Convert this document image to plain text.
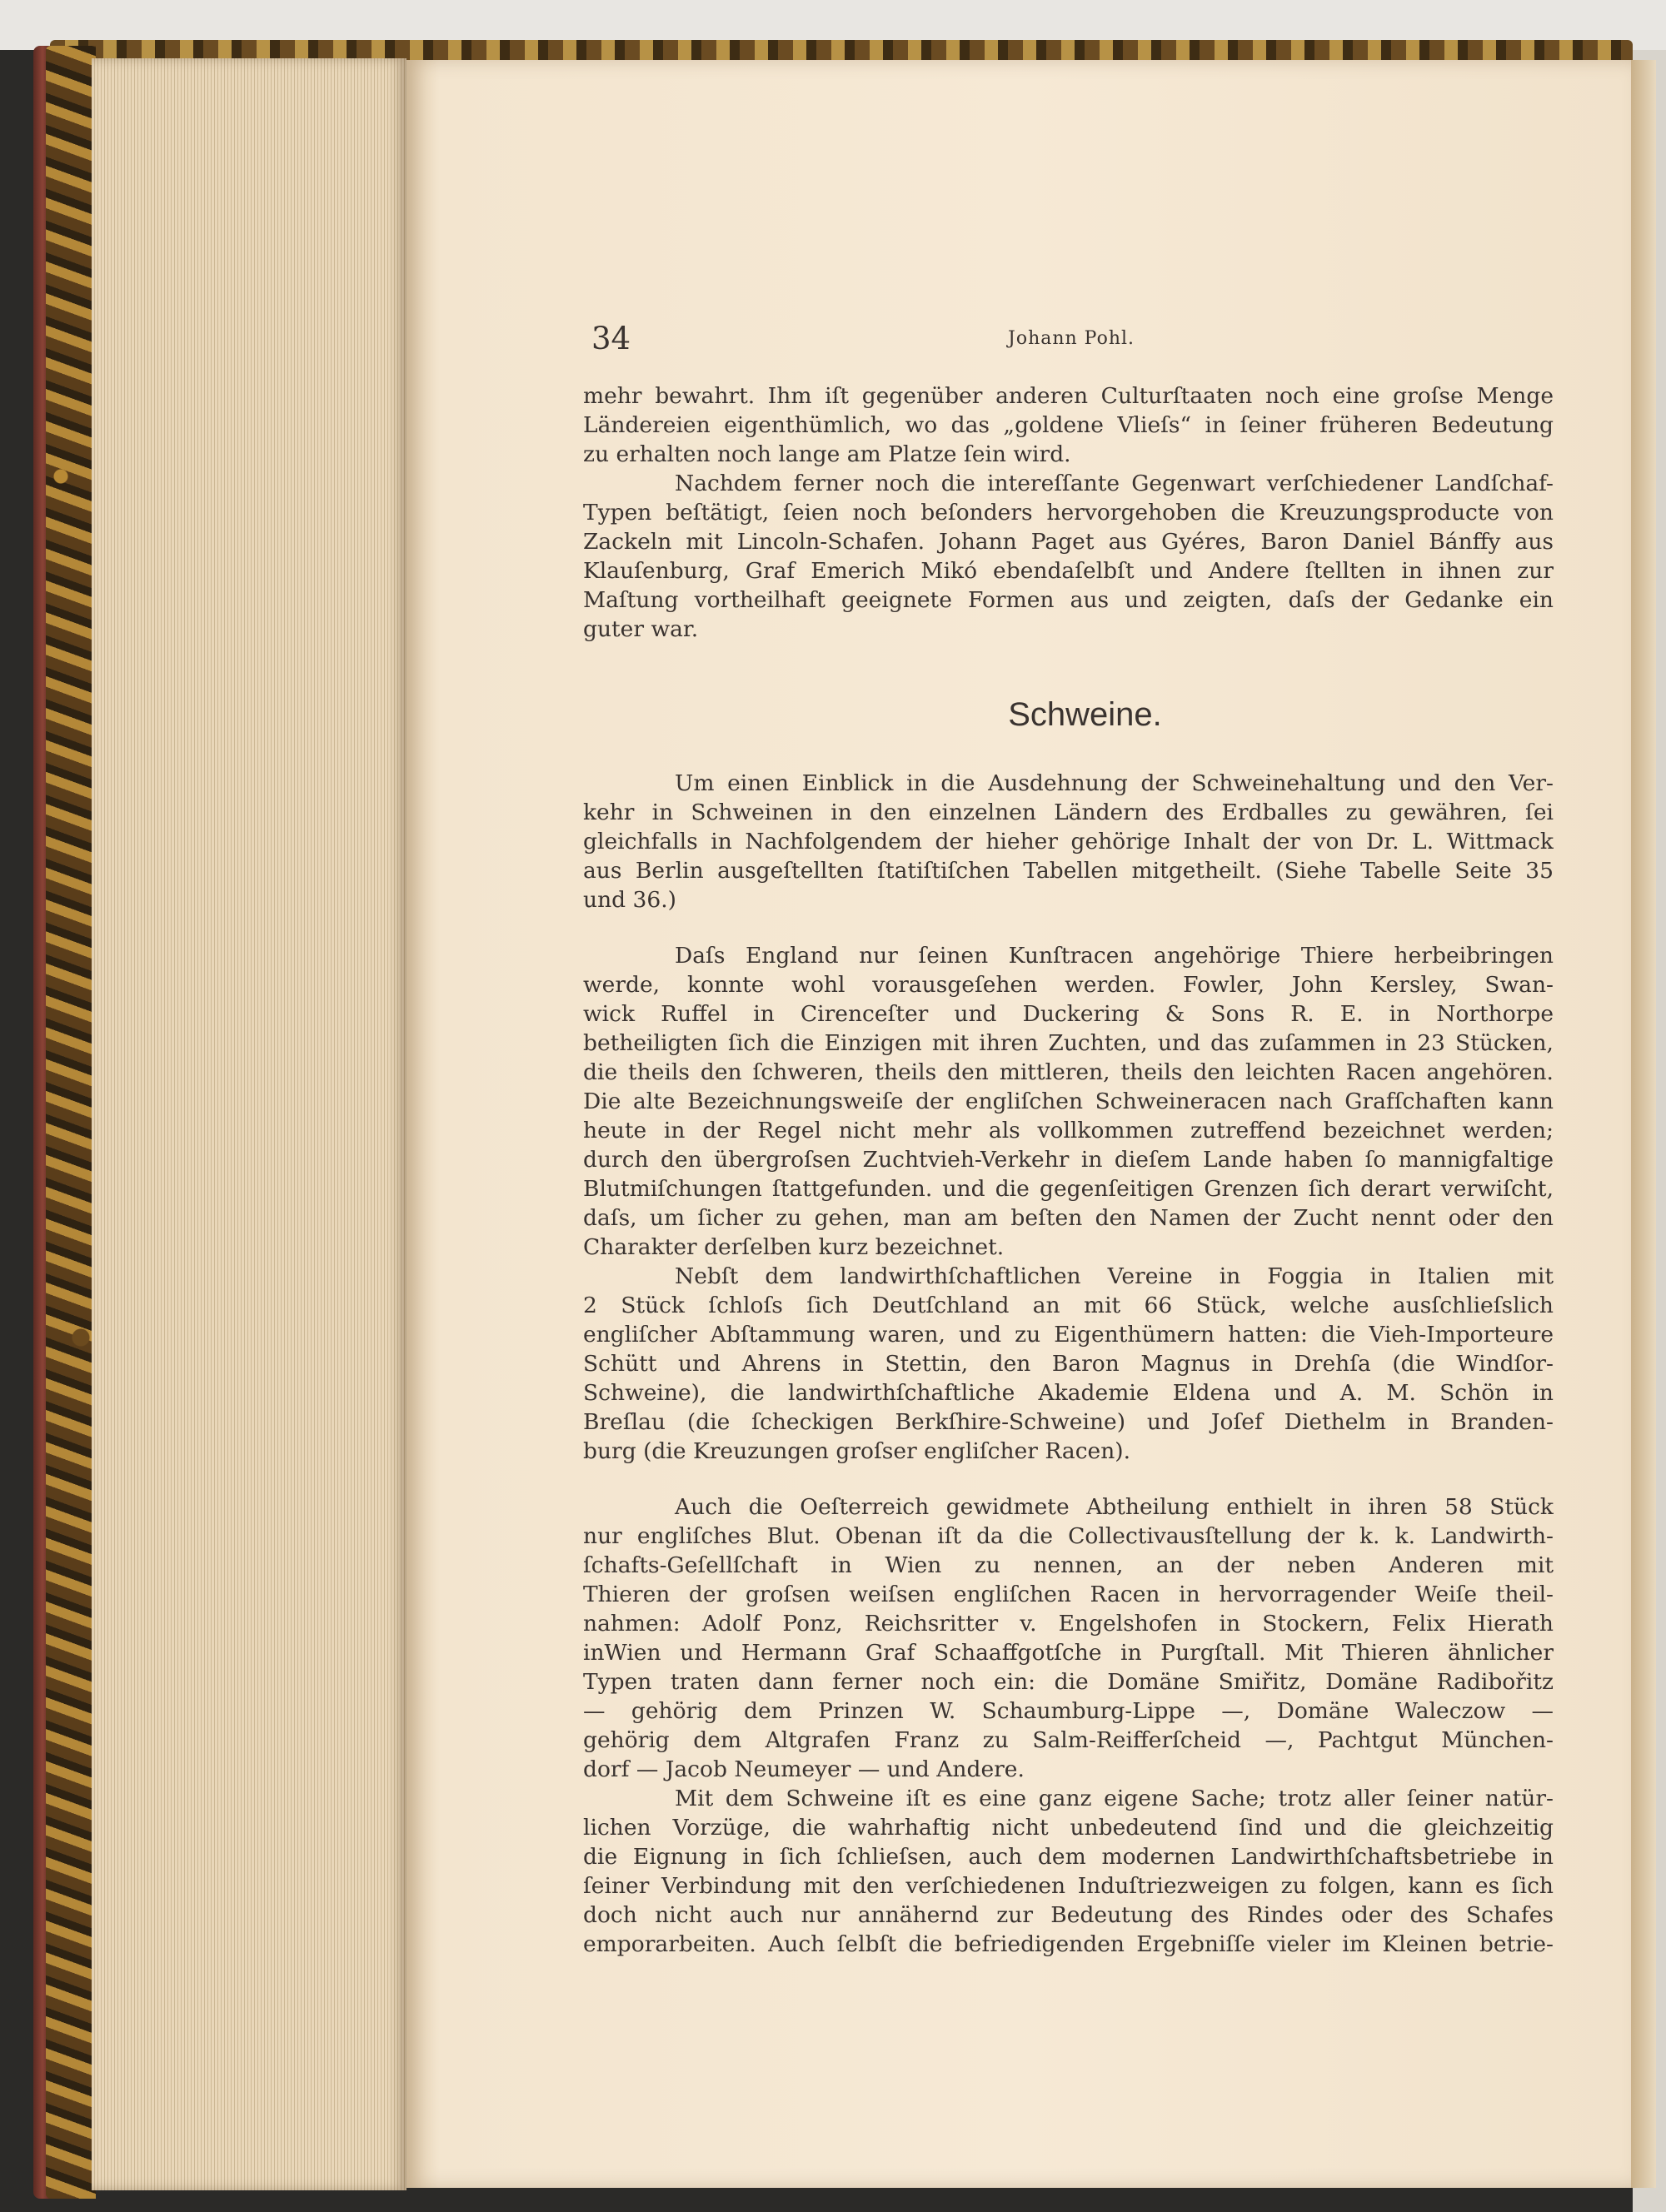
34	Johann Pohl.
mehr bewahrt. Ihm iſt gegenüber anderen Culturſtaaten noch eine groſse Menge
Ländereien eigenthümlich, wo das „goldene Vlieſs“ in ſeiner früheren Bedeutung
zu erhalten noch lange am Platze ſein wird.
Nachdem ferner noch die intereſſante Gegenwart verſchiedener Landſchaf-
Typen beſtätigt, ſeien noch beſonders hervorgehoben die Kreuzungsproducte von
Zackeln mit Lincoln-Schafen. Johann Paget aus Gyéres, Baron Daniel Bánffy aus
Klauſenburg, Graf Emerich Mikó ebendaſelbſt und Andere ſtellten in ihnen zur
Maſtung vortheilhaft geeignete Formen aus und zeigten, daſs der Gedanke ein
guter war.
Schweine.
Um einen Einblick in die Ausdehnung der Schweinehaltung und den Ver-
kehr in Schweinen in den einzelnen Ländern des Erdballes zu gewähren, ſei
gleichfalls in Nachfolgendem der hieher gehörige Inhalt der von Dr. L. Wittmack
aus Berlin ausgeſtellten ſtatiſtiſchen Tabellen mitgetheilt. (Siehe Tabelle Seite 35
und 36.)
Daſs England nur ſeinen Kunſtracen angehörige Thiere herbeibringen
werde, konnte wohl vorausgeſehen werden. Fowler, John Kersley, Swan-
wick Ruffel in Cirenceſter und Duckering & Sons R. E. in Northorpe
betheiligten ſich die Einzigen mit ihren Zuchten, und das zuſammen in 23 Stücken,
die theils den ſchweren, theils den mittleren, theils den leichten Racen angehören.
Die alte Bezeichnungsweiſe der engliſchen Schweineracen nach Grafſchaften kann
heute in der Regel nicht mehr als vollkommen zutreffend bezeichnet werden;
durch den übergroſsen Zuchtvieh-Verkehr in dieſem Lande haben ſo mannigfaltige
Blutmiſchungen ſtattgefunden. und die gegenſeitigen Grenzen ſich derart verwiſcht,
daſs, um ſicher zu gehen, man am beſten den Namen der Zucht nennt oder den
Charakter derſelben kurz bezeichnet.
Nebſt dem landwirthſchaftlichen Vereine in Foggia in Italien mit
2 Stück ſchloſs ſich Deutſchland an mit 66 Stück, welche ausſchlieſslich
engliſcher Abſtammung waren, und zu Eigenthümern hatten: die Vieh-Importeure
Schütt und Ahrens in Stettin, den Baron Magnus in Drehſa (die Windſor-
Schweine), die landwirthſchaftliche Akademie Eldena und A. M. Schön in
Breſlau (die ſcheckigen Berkſhire-Schweine) und Joſef Diethelm in Branden-
burg (die Kreuzungen groſser engliſcher Racen).
Auch die Oeſterreich gewidmete Abtheilung enthielt in ihren 58 Stück
nur engliſches Blut. Obenan iſt da die Collectivausſtellung der k. k. Landwirth-
ſchafts-Geſellſchaft in Wien zu nennen, an der neben Anderen mit
Thieren der groſsen weiſsen engliſchen Racen in hervorragender Weiſe theil-
nahmen: Adolf Ponz, Reichsritter v. Engelshofen in Stockern, Felix Hierath
inWien und Hermann Graf Schaaffgotſche in Purgſtall. Mit Thieren ähnlicher
Typen traten dann ferner noch ein: die Domäne Smiřitz, Domäne Radibořitz
— gehörig dem Prinzen W. Schaumburg-Lippe —, Domäne Waleczow —
gehörig dem Altgrafen Franz zu Salm-Reifferſcheid —, Pachtgut München-
dorf — Jacob Neumeyer — und Andere.
Mit dem Schweine iſt es eine ganz eigene Sache; trotz aller ſeiner natür-
lichen Vorzüge, die wahrhaftig nicht unbedeutend ſind und die gleichzeitig
die Eignung in ſich ſchlieſsen, auch dem modernen Landwirthſchaftsbetriebe in
ſeiner Verbindung mit den verſchiedenen Induſtriezweigen zu folgen, kann es ſich
doch nicht auch nur annähernd zur Bedeutung des Rindes oder des Schafes
emporarbeiten. Auch ſelbſt die befriedigenden Ergebniſſe vieler im Kleinen betrie-
